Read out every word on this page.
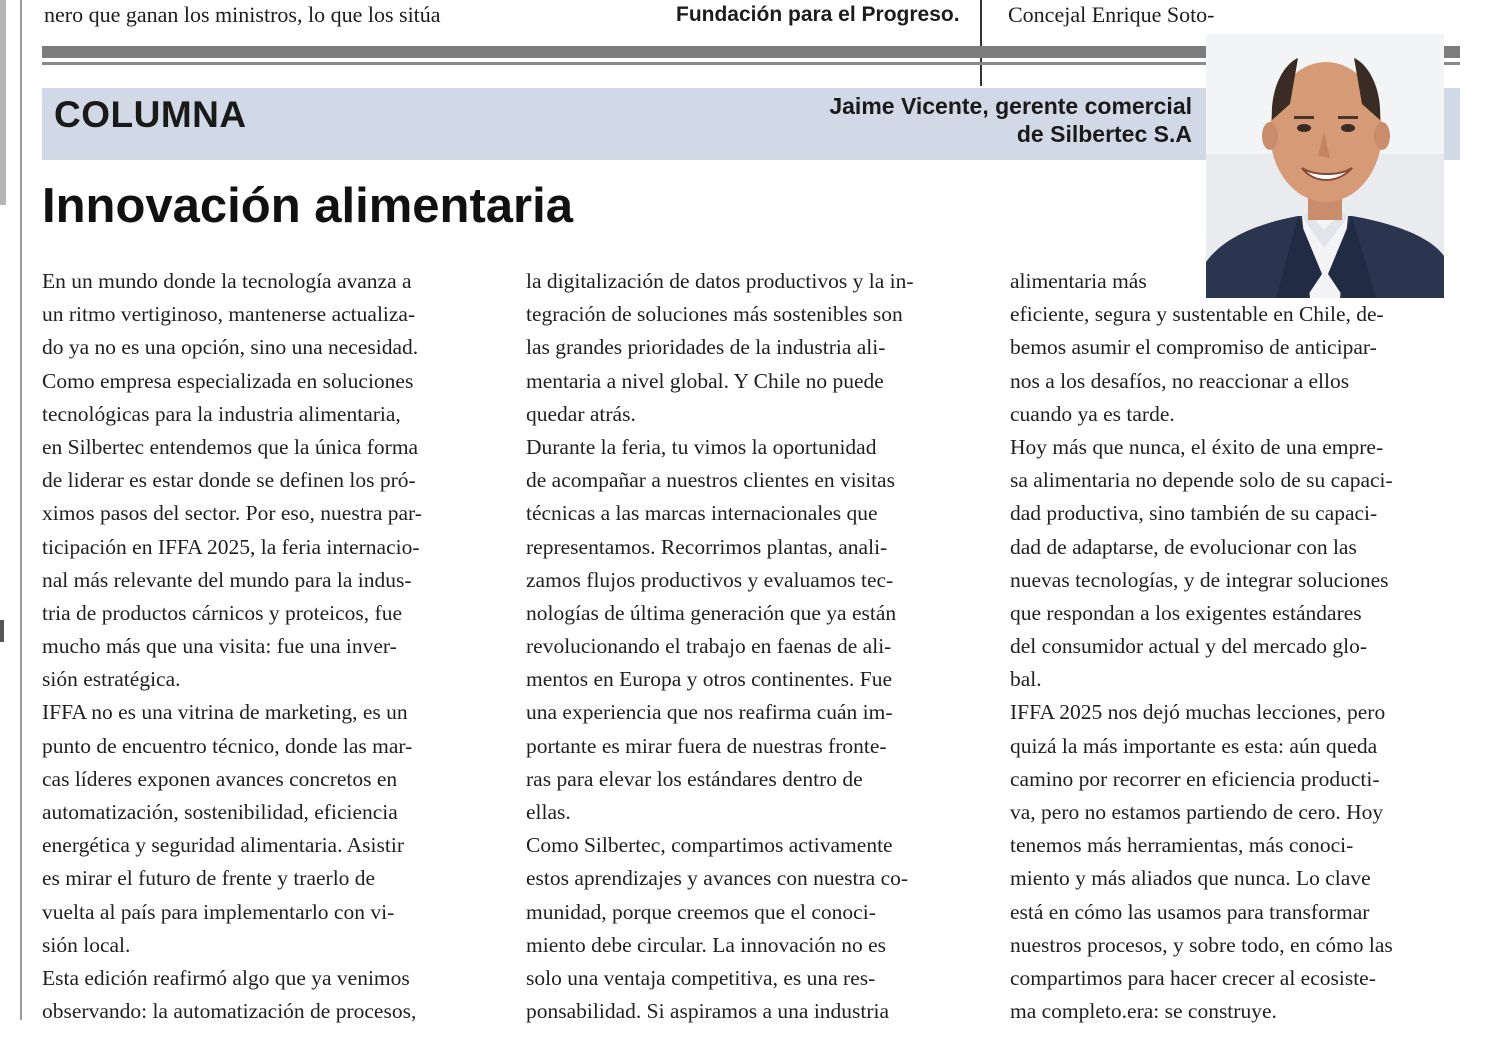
nero que ganan los ministros, lo que los sitúa	Fundación para el Progreso. Concejal Enrique Soto-
COLUMNA	Jaime Vicente, gerente comercial
de Silbertec S.A
Innovación alimentaria
En un mundo donde la tecnología avanza a
un ritmo vertiginoso, mantenerse actualiza-
do ya no es una opción, sino una necesidad.
Como empresa especializada en soluciones
tecnológicas para la industria alimentaria,
en Silbertec entendemos que la única forma
de liderar es estar donde se definen los pró-
ximos pasos del sector. Por eso, nuestra par-
ticipación en IFFA 2025, la feria internacio-
nal más relevante del mundo para la indus-
tria de productos cárnicos y proteicos, fue
mucho más que una visita: fue una inver-
sión estratégica.
IFFA no es una vitrina de marketing, es un
punto de encuentro técnico, donde las mar-
cas líderes exponen avances concretos en
automatización, sostenibilidad, eficiencia
energética y seguridad alimentaria. Asistir
es mirar el futuro de frente y traerlo de
vuelta al país para implementarlo con vi-
sión local.
Esta edición reafirmó algo que ya venimos
observando: la automatización de procesos,
la digitalización de datos productivos y la in-
tegración de soluciones más sostenibles son
las grandes prioridades de la industria ali-
mentaria a nivel global. Y Chile no puede
quedar atrás.
Durante la feria, tu vimos la oportunidad
de acompañar a nuestros clientes en visitas
técnicas a las marcas internacionales que
representamos. Recorrimos plantas, anali-
zamos flujos productivos y evaluamos tec-
nologías de última generación que ya están
revolucionando el trabajo en faenas de ali-
mentos en Europa y otros continentes. Fue
una experiencia que nos reafirma cuán im-
portante es mirar fuera de nuestras fronte-
ras para elevar los estándares dentro de
ellas.
Como Silbertec, compartimos activamente
estos aprendizajes y avances con nuestra co-
munidad, porque creemos que el conoci-
miento debe circular. La innovación no es
solo una ventaja competitiva, es una res-
ponsabilidad. Si aspiramos a una industria
alimentaria más
eficiente, segura y sustentable en Chile, de-
bemos asumir el compromiso de anticipar-
nos a los desafíos, no reaccionar a ellos
cuando ya es tarde.
Hoy más que nunca, el éxito de una empre-
sa alimentaria no depende solo de su capaci-
dad productiva, sino también de su capaci-
dad de adaptarse, de evolucionar con las
nuevas tecnologías, y de integrar soluciones
que respondan a los exigentes estándares
del consumidor actual y del mercado glo-
bal.
IFFA 2025 nos dejó muchas lecciones, pero
quizá la más importante es esta: aún queda
camino por recorrer en eficiencia producti-
va, pero no estamos partiendo de cero. Hoy
tenemos más herramientas, más conoci-
miento y más aliados que nunca. Lo clave
está en cómo las usamos para transformar
nuestros procesos, y sobre todo, en cómo las
compartimos para hacer crecer al ecosiste-
ma completo.era: se construye.
